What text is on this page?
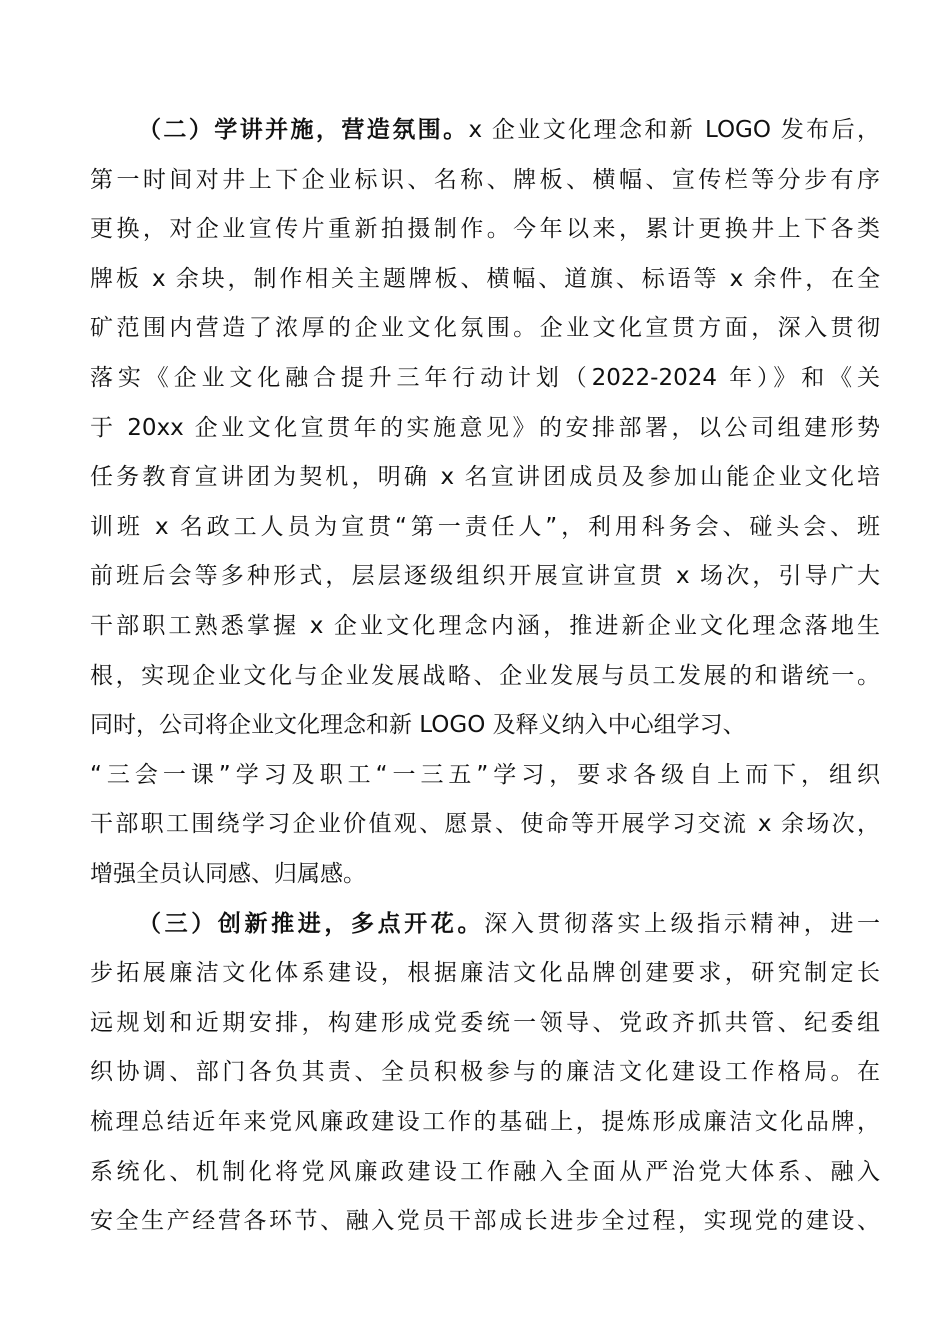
（二）学讲并施，营造氛围。x 企业文化理念和新 LOGO 发布后，
第一时间对井上下企业标识、名称、牌板、横幅、宣传栏等分步有序
更换，对企业宣传片重新拍摄制作。今年以来，累计更换井上下各类
牌板 x 余块，制作相关主题牌板、横幅、道旗、标语等 x 余件，在全
矿范围内营造了浓厚的企业文化氛围。企业文化宣贯方面，深入贯彻
落实《企业文化融合提升三年行动计划（2022-2024 年）》和《关
于 20xx 企业文化宣贯年的实施意见》的安排部署，以公司组建形势
任务教育宣讲团为契机，明确 x 名宣讲团成员及参加山能企业文化培
训班 x 名政工人员为宣贯“第一责任人”，利用科务会、碰头会、班
前班后会等多种形式，层层逐级组织开展宣讲宣贯 x 场次，引导广大
干部职工熟悉掌握 x 企业文化理念内涵，推进新企业文化理念落地生
根，实现企业文化与企业发展战略、企业发展与员工发展的和谐统一。
同时，公司将企业文化理念和新 LOGO 及释义纳入中心组学习、
“三会一课”学习及职工“一三五”学习，要求各级自上而下，组织
干部职工围绕学习企业价值观、愿景、使命等开展学习交流 x 余场次，
增强全员认同感、归属感。
（三）创新推进，多点开花。深入贯彻落实上级指示精神，进一
步拓展廉洁文化体系建设，根据廉洁文化品牌创建要求，研究制定长
远规划和近期安排，构建形成党委统一领导、党政齐抓共管、纪委组
织协调、部门各负其责、全员积极参与的廉洁文化建设工作格局。在
梳理总结近年来党风廉政建设工作的基础上，提炼形成廉洁文化品牌，
系统化、机制化将党风廉政建设工作融入全面从严治党大体系、融入
安全生产经营各环节、融入党员干部成长进步全过程，实现党的建设、
